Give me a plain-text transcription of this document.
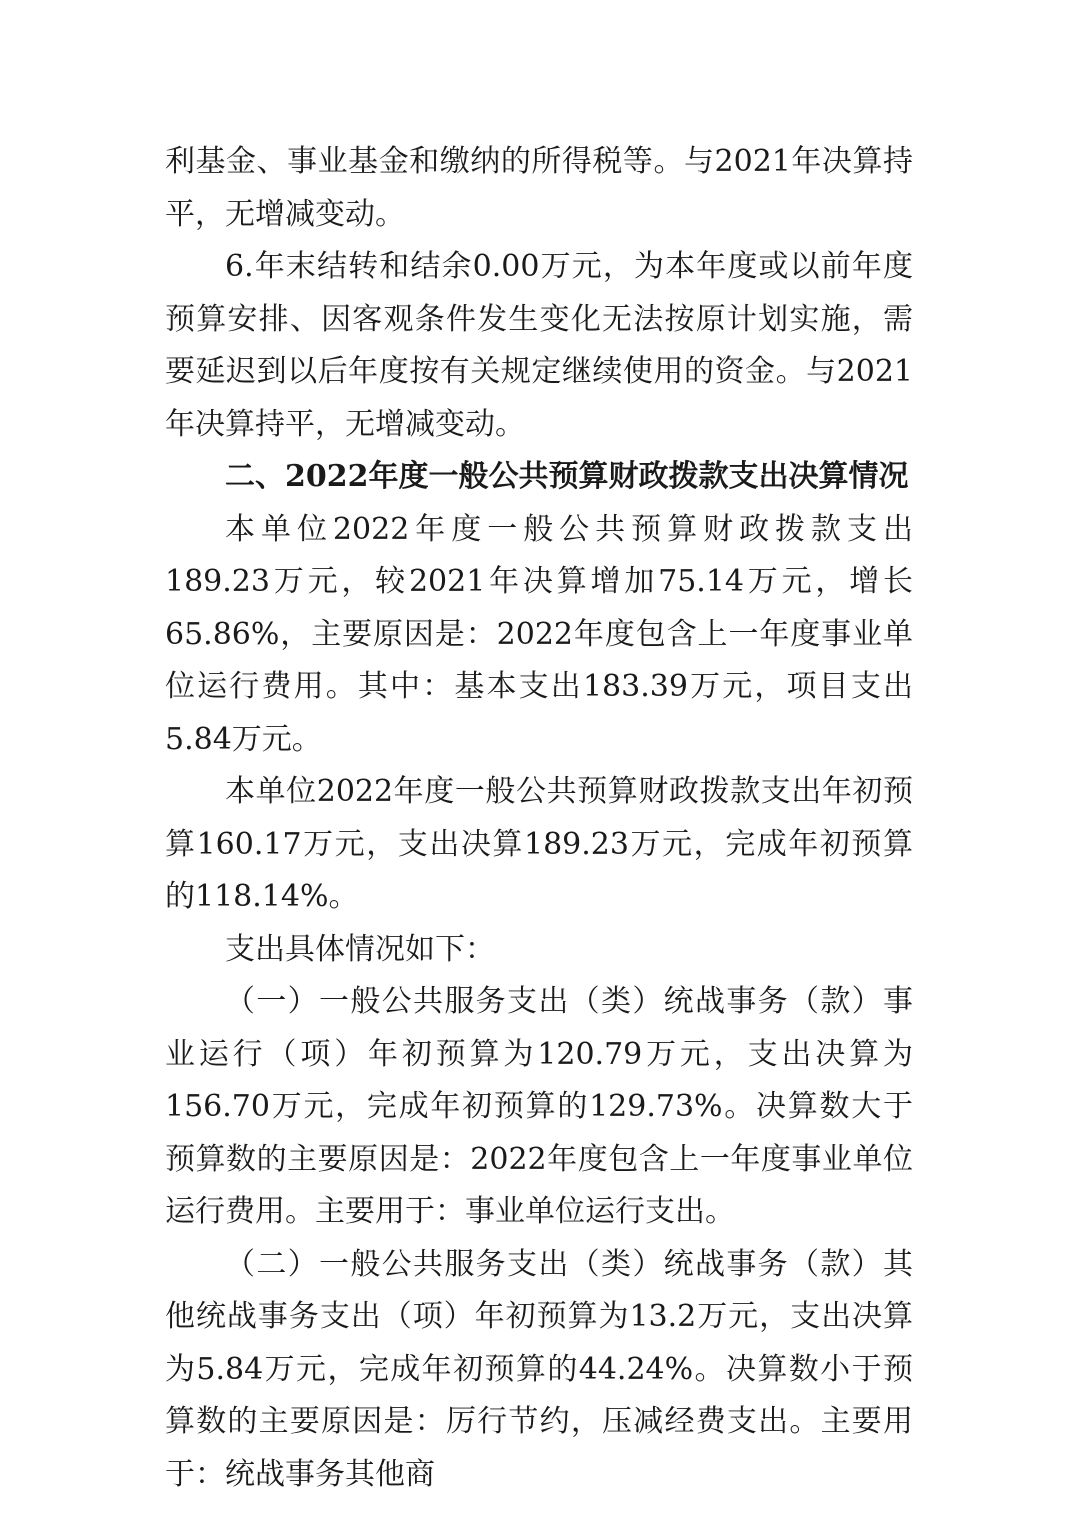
利基金、事业基金和缴纳的所得税等。与2021年决算持平，无增减变动。

6.年末结转和结余0.00万元，为本年度或以前年度预算安排、因客观条件发生变化无法按原计划实施，需要延迟到以后年度按有关规定继续使用的资金。与2021年决算持平，无增减变动。

二、2022年度一般公共预算财政拨款支出决算情况

本单位2022年度一般公共预算财政拨款支出189.23万元，较2021年决算增加75.14万元，增长65.86%，主要原因是：2022年度包含上一年度事业单位运行费用。其中：基本支出183.39万元，项目支出5.84万元。

本单位2022年度一般公共预算财政拨款支出年初预算160.17万元，支出决算189.23万元，完成年初预算的118.14%。

支出具体情况如下：

（一）一般公共服务支出（类）统战事务（款）事业运行（项）年初预算为120.79万元，支出决算为156.70万元，完成年初预算的129.73%。决算数大于预算数的主要原因是：2022年度包含上一年度事业单位运行费用。主要用于：事业单位运行支出。

（二）一般公共服务支出（类）统战事务（款）其他统战事务支出（项）年初预算为13.2万元，支出决算为5.84万元，完成年初预算的44.24%。决算数小于预算数的主要原因是：厉行节约，压减经费支出。主要用于：统战事务其他商
